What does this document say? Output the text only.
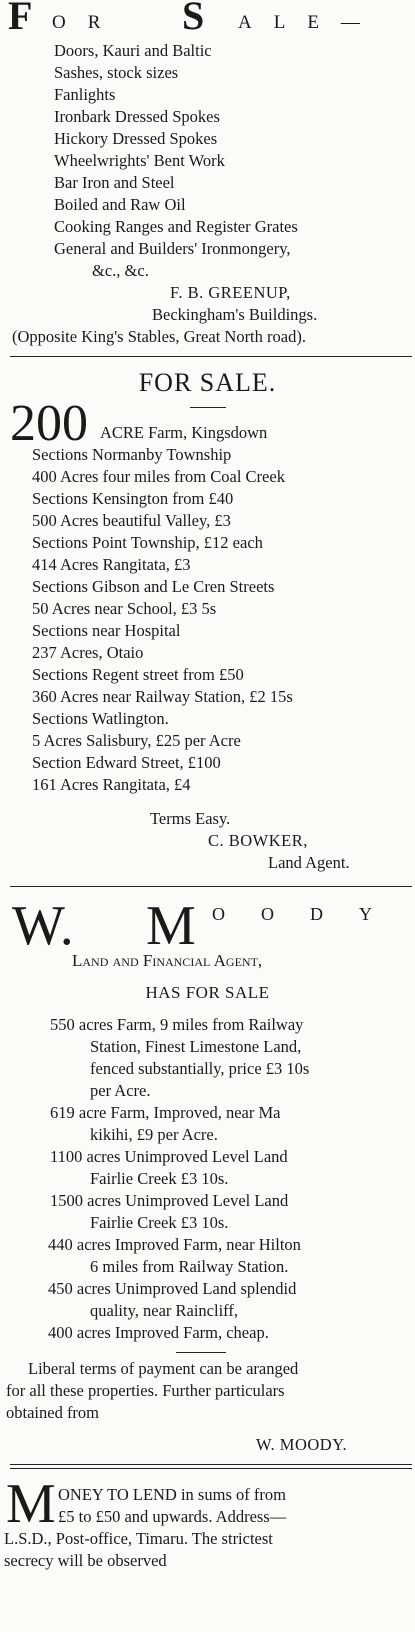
F OR S ALE—
Doors, Kauri and Baltic
Sashes, stock sizes
Fanlights
Ironbark Dressed Spokes
Hickory Dressed Spokes
Wheelwrights' Bent Work
Bar Iron and Steel
Boiled and Raw Oil
Cooking Ranges and Register Grates
General and Builders' Ironmongery,
&c., &c.
F. B. GREENUP,
Beckingham's Buildings.
(Opposite King's Stables, Great North road).
FOR SALE.
200 ACRE Farm, Kingsdown
Sections Normanby Township
400 Acres four miles from Coal Creek
Sections Kensington from £40
500 Acres beautiful Valley, £3
Sections Point Township, £12 each
414 Acres Rangitata, £3
Sections Gibson and Le Cren Streets
50 Acres near School, £3 5s
Sections near Hospital
237 Acres, Otaio
Sections Regent street from £50
360 Acres near Railway Station, £2 15s
Sections Watlington.
5 Acres Salisbury, £25 per Acre
Section Edward Street, £100
161 Acres Rangitata, £4
Terms Easy.
C. BOWKER,
Land Agent.
W. M OODY
Land and Financial Agent,
HAS FOR SALE
550 acres Farm, 9 miles from Railway
Station, Finest Limestone Land,
fenced substantially, price £3 10s
per Acre.
619 acre Farm, Improved, near Ma
kikihi, £9 per Acre.
1100 acres Unimproved Level Land
Fairlie Creek £3 10s.
1500 acres Unimproved Level Land
Fairlie Creek £3 10s.
440 acres Improved Farm, near Hilton
6 miles from Railway Station.
450 acres Unimproved Land splendid
quality, near Raincliff,
400 acres Improved Farm, cheap.
Liberal terms of payment can be aranged
for all these properties. Further particulars
obtained from
W. MOODY.
M ONEY TO LEND in sums of from
£5 to £50 and upwards. Address—
L.S.D., Post-office, Timaru. The strictest
secrecy will be observed
